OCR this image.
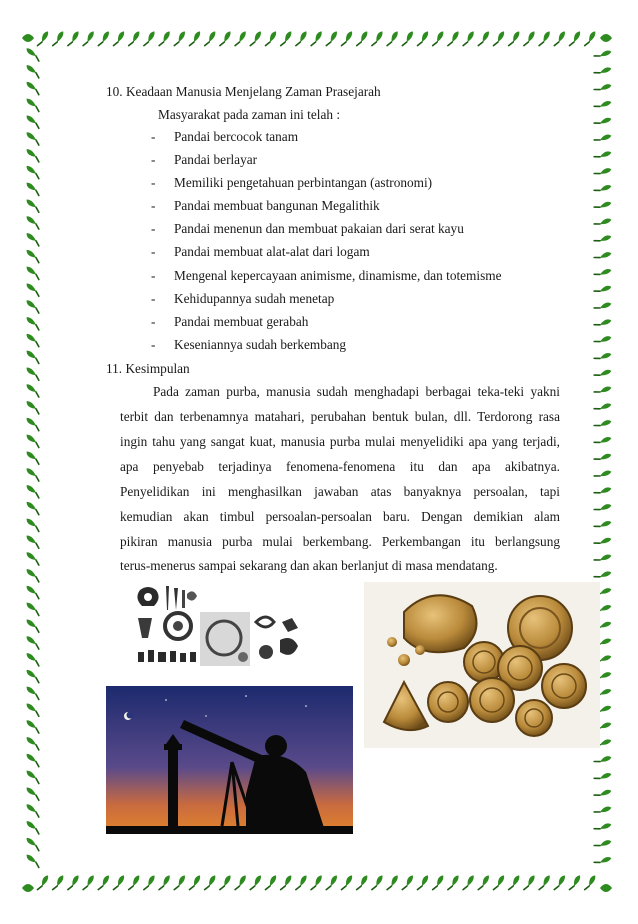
10. Keadaan Manusia Menjelang Zaman Prasejarah
Masyarakat pada zaman ini telah :
- Pandai bercocok tanam
- Pandai berlayar
- Memiliki pengetahuan perbintangan (astronomi)
- Pandai membuat bangunan Megalithik
- Pandai menenun dan membuat pakaian dari serat kayu
- Pandai membuat alat-alat dari logam
- Mengenal kepercayaan animisme, dinamisme, dan totemisme
- Kehidupannya sudah menetap
- Pandai membuat gerabah
- Keseniannya sudah berkembang
11. Kesimpulan
Pada zaman purba, manusia sudah menghadapi berbagai teka-teki yakni
terbit dan terbenamnya matahari, perubahan bentuk bulan, dll. Terdorong rasa
ingin tahu yang sangat kuat, manusia purba mulai menyelidiki apa yang terjadi,
apa penyebab terjadinya fenomena-fenomena itu dan apa akibatnya.
Penyelidikan ini menghasilkan jawaban atas banyaknya persoalan, tapi
kemudian akan timbul persoalan-persoalan baru. Dengan demikian alam
pikiran manusia purba mulai berkembang. Perkembangan itu berlangsung
terus-menerus sampai sekarang dan akan berlanjut di masa mendatang.
